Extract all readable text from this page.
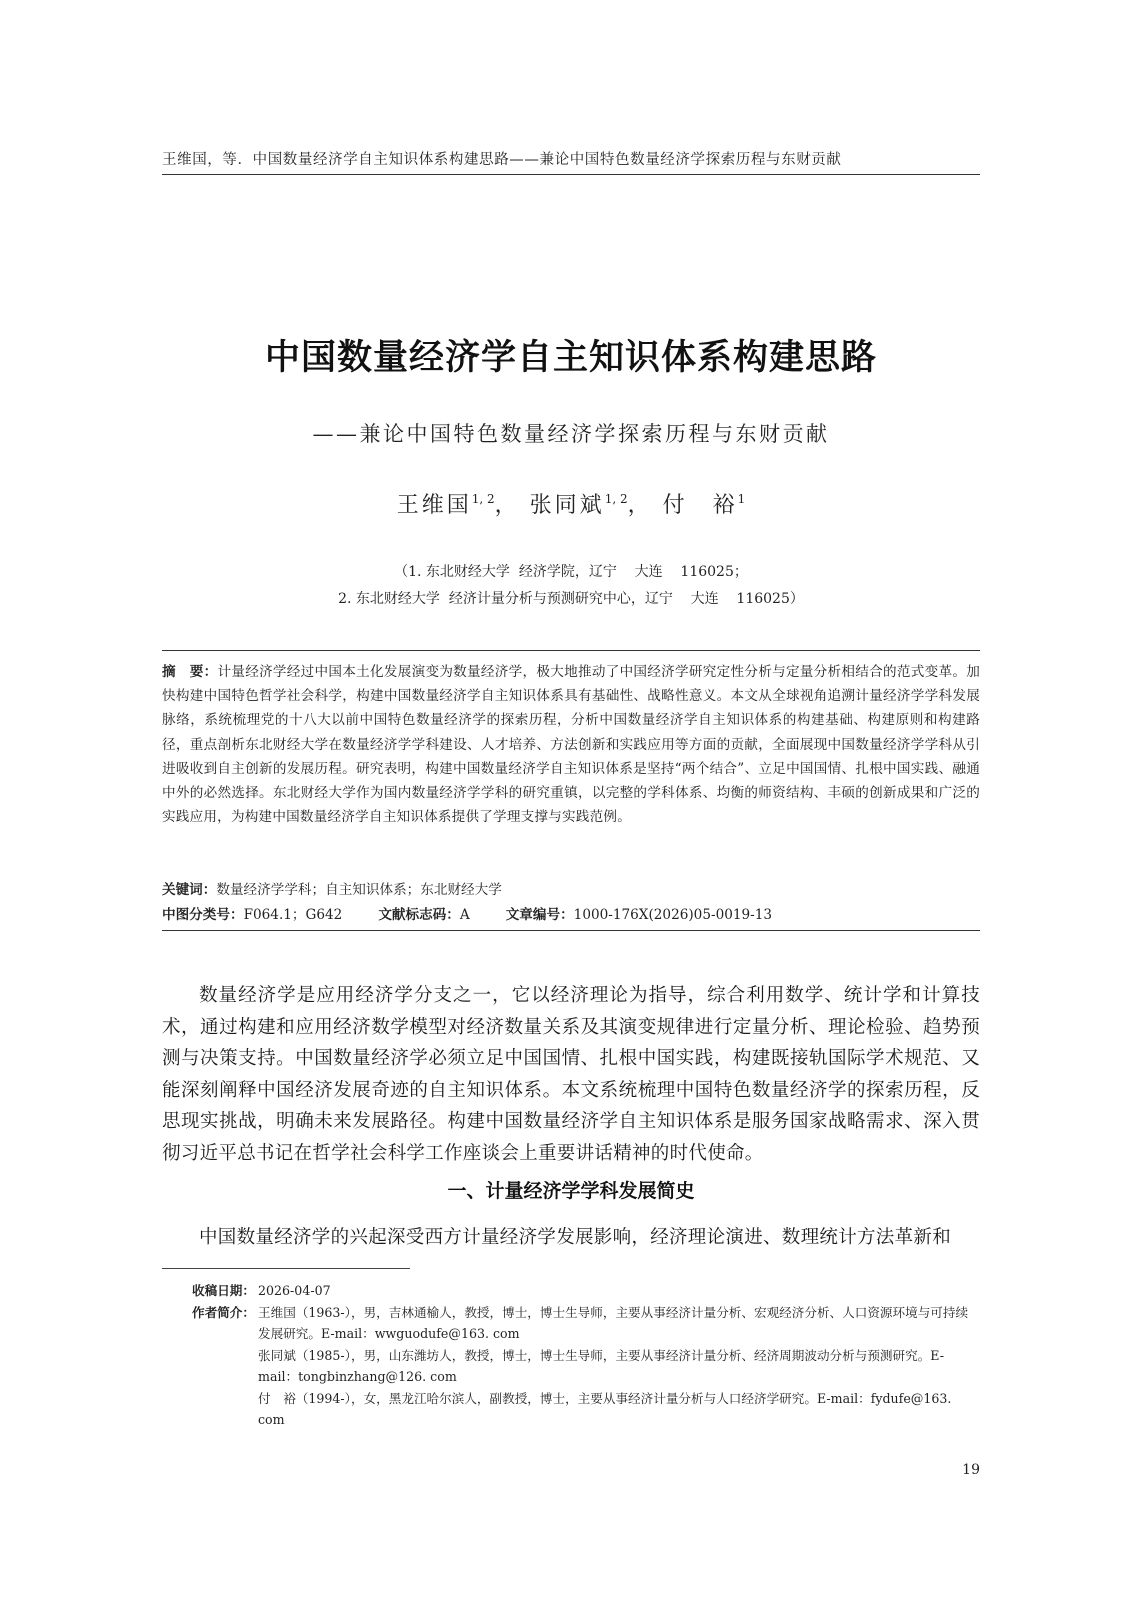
王维国，等．中国数量经济学自主知识体系构建思路——兼论中国特色数量经济学探索历程与东财贡献
中国数量经济学自主知识体系构建思路
——兼论中国特色数量经济学探索历程与东财贡献
王维国$^{1, 2}$， 张同斌$^{1, 2}$， 付　裕$^1$
（1. 东北财经大学  经济学院，辽宁    大连    116025；
2. 东北财经大学  经济计量分析与预测研究中心，辽宁    大连    116025）
摘　要：计量经济学经过中国本土化发展演变为数量经济学，极大地推动了中国经济学研究定性分析与定量分析相结合的范式变革。加快构建中国特色哲学社会科学，构建中国数量经济学自主知识体系具有基础性、战略性意义。本文从全球视角追溯计量经济学学科发展脉络，系统梳理党的十八大以前中国特色数量经济学的探索历程，分析中国数量经济学自主知识体系的构建基础、构建原则和构建路径，重点剖析东北财经大学在数量经济学学科建设、人才培养、方法创新和实践应用等方面的贡献，全面展现中国数量经济学学科从引进吸收到自主创新的发展历程。研究表明，构建中国数量经济学自主知识体系是坚持“两个结合”、立足中国国情、扎根中国实践、融通中外的必然选择。东北财经大学作为国内数量经济学学科的研究重镇，以完整的学科体系、均衡的师资结构、丰硕的创新成果和广泛的实践应用，为构建中国数量经济学自主知识体系提供了学理支撑与实践范例。
关键词：数量经济学学科；自主知识体系；东北财经大学
中图分类号：F064.1；G642	文献标志码：A	文章编号：1000-176X(2026)05-0019-13
数量经济学是应用经济学分支之一，它以经济理论为指导，综合利用数学、统计学和计算技术，通过构建和应用经济数学模型对经济数量关系及其演变规律进行定量分析、理论检验、趋势预测与决策支持。中国数量经济学必须立足中国国情、扎根中国实践，构建既接轨国际学术规范、又能深刻阐释中国经济发展奇迹的自主知识体系。本文系统梳理中国特色数量经济学的探索历程，反思现实挑战，明确未来发展路径。构建中国数量经济学自主知识体系是服务国家战略需求、深入贯彻习近平总书记在哲学社会科学工作座谈会上重要讲话精神的时代使命。
一、计量经济学学科发展简史
中国数量经济学的兴起深受西方计量经济学发展影响，经济理论演进、数理统计方法革新和
收稿日期： 2026-04-07
作者简介： 王维国（1963-），男，吉林通榆人，教授，博士，博士生导师，主要从事经济计量分析、宏观经济分析、人口资源环境与可持续发展研究。E-mail：wwguodufe@163. com
张同斌（1985-），男，山东潍坊人，教授，博士，博士生导师，主要从事经济计量分析、经济周期波动分析与预测研究。E-mail：tongbinzhang@126. com
付　裕（1994-），女，黑龙江哈尔滨人，副教授，博士，主要从事经济计量分析与人口经济学研究。E-mail：fydufe@163. com
19
